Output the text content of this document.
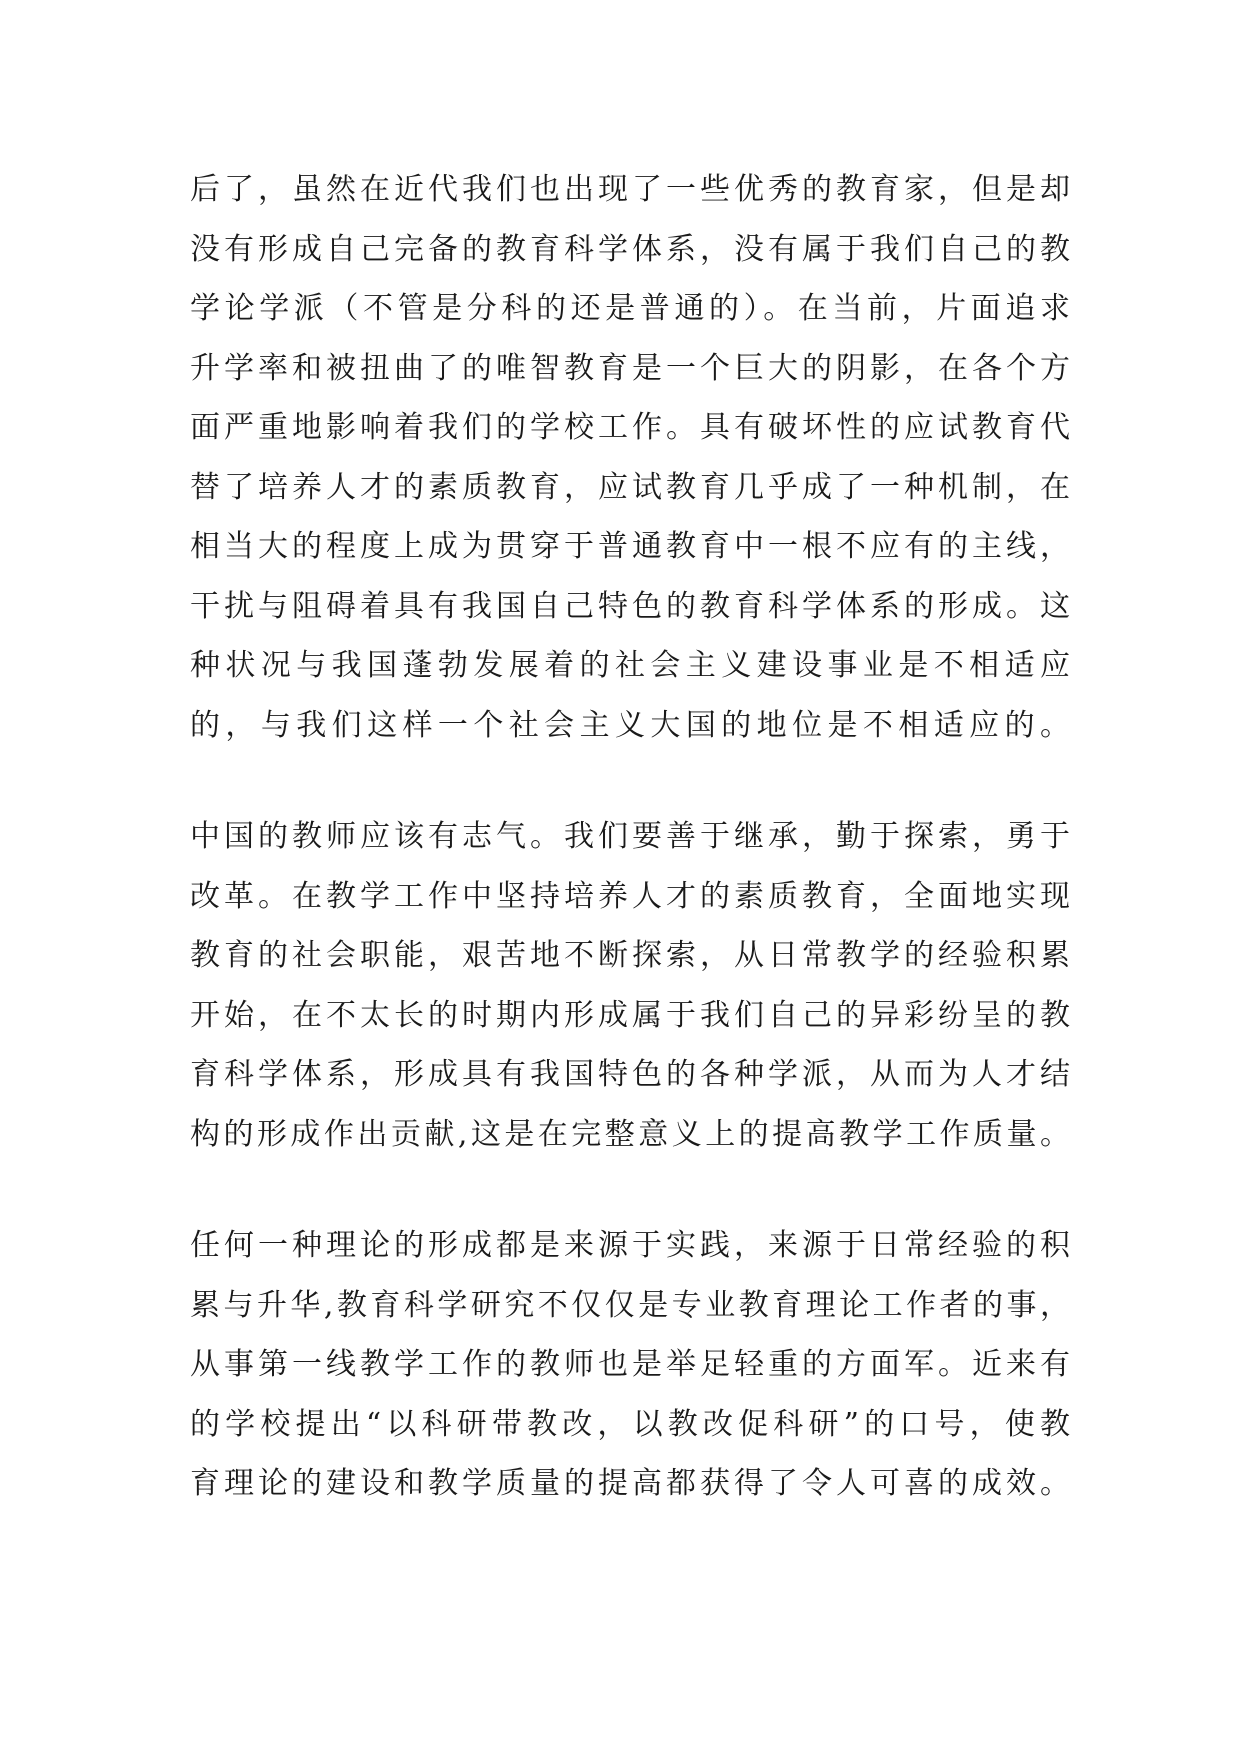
后了，虽然在近代我们也出现了一些优秀的教育家，但是却
没有形成自己完备的教育科学体系，没有属于我们自己的教
学论学派（不管是分科的还是普通的）。在当前，片面追求
升学率和被扭曲了的唯智教育是一个巨大的阴影，在各个方
面严重地影响着我们的学校工作。具有破坏性的应试教育代
替了培养人才的素质教育，应试教育几乎成了一种机制，在
相当大的程度上成为贯穿于普通教育中一根不应有的主线，
干扰与阻碍着具有我国自己特色的教育科学体系的形成。这
种状况与我国蓬勃发展着的社会主义建设事业是不相适应
的，与我们这样一个社会主义大国的地位是不相适应的。
中国的教师应该有志气。我们要善于继承，勤于探索，勇于
改革。在教学工作中坚持培养人才的素质教育，全面地实现
教育的社会职能，艰苦地不断探索，从日常教学的经验积累
开始，在不太长的时期内形成属于我们自己的异彩纷呈的教
育科学体系，形成具有我国特色的各种学派，从而为人才结
构的形成作出贡献,这是在完整意义上的提高教学工作质量。
任何一种理论的形成都是来源于实践，来源于日常经验的积
累与升华,教育科学研究不仅仅是专业教育理论工作者的事，
从事第一线教学工作的教师也是举足轻重的方面军。近来有
的学校提出“以科研带教改，以教改促科研”的口号，使教
育理论的建设和教学质量的提高都获得了令人可喜的成效。
